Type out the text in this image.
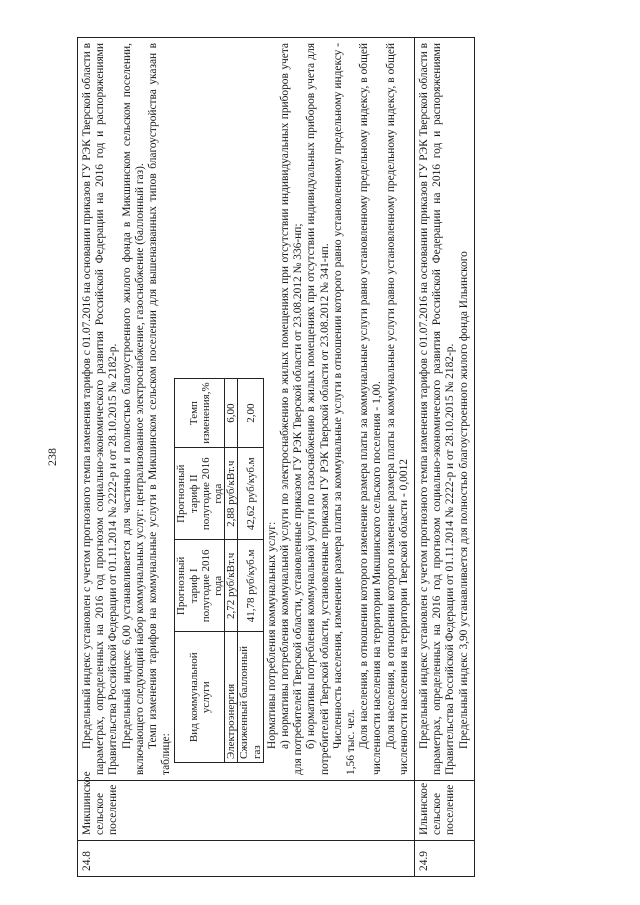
238
24.8	Микшинское сельское поселение	

Предельный индекс установлен с учетом прогнозного темпа изменения тарифов с 01.07.2016 на основании приказов ГУ РЭК Тверской области в параметрах, определенных на 2016 год прогнозом социально-экономического развития Российской Федерации на 2016 год и распоряжениями Правительства Российской Федерации от 01.11.2014 № 2222-р и от 28.10.2015 № 2182-р. Предельный индекс 6,00 устанавливается для частично и полностью благоустроенного жилого фонда в Микшинском сельском поселении, включающего следующий набор коммунальных услуг: централизованное электроснабжение, газоснабжение (баллонный газ). Темп изменения тарифов на коммунальные услуги в Микшинском сельском поселении для вышеназванных типов благоустройства указан в таблице:

Вид коммунальной услуги	Прогнозный тариф I полугодие 2016 года	Прогнозный тариф II полугодие 2016 года	Темп изменения,%
Электроэнергия	2,72 руб/кВт.ч	2,88 руб/кВт.ч	6,00
Сжиженный баллонный газ	41,78 руб/куб.м	42,62 руб/куб.м	2,00

Нормативы потребления коммунальных услуг: а) нормативы потребления коммунальной услуги по электроснабжению в жилых помещениях при отсутствии индивидуальных приборов учета для потребителей Тверской области, установленные приказом ГУ РЭК Тверской области от 23.08.2012 № 336-нп; б) нормативы потребления коммунальной услуги по газоснабжению в жилых помещениях при отсутствии индивидуальных приборов учета для потребителей Тверской области, установленные приказом ГУ РЭК Тверской области от 23.08.2012 № 341-нп. Численность населения, изменение размера платы за коммунальные услуги в отношении которого равно установленному предельному индексу - 1,56 тыс. чел. Доля населения, в отношении которого изменение размера платы за коммунальные услуги равно установленному предельному индексу, в общей численности населения на территории Микшинского сельского поселения - 1,00. Доля населения, в отношении которого изменение размера платы за коммунальные услуги равно установленному предельному индексу, в общей численности населения на территории Тверской области - 0,0012

24.9	Ильинское сельское поселение	

Предельный индекс установлен с учетом прогнозного темпа изменения тарифов с 01.07.2016 на основании приказов ГУ РЭК Тверской области в параметрах, определенных на 2016 год прогнозом социально-экономического развития Российской Федерации на 2016 год и распоряжениями Правительства Российской Федерации от 01.11.2014 № 2222-р и от 28.10.2015 № 2182-р. Предельный индекс 3,90 устанавливается для полностью благоустроенного жилого фонда Ильинского
